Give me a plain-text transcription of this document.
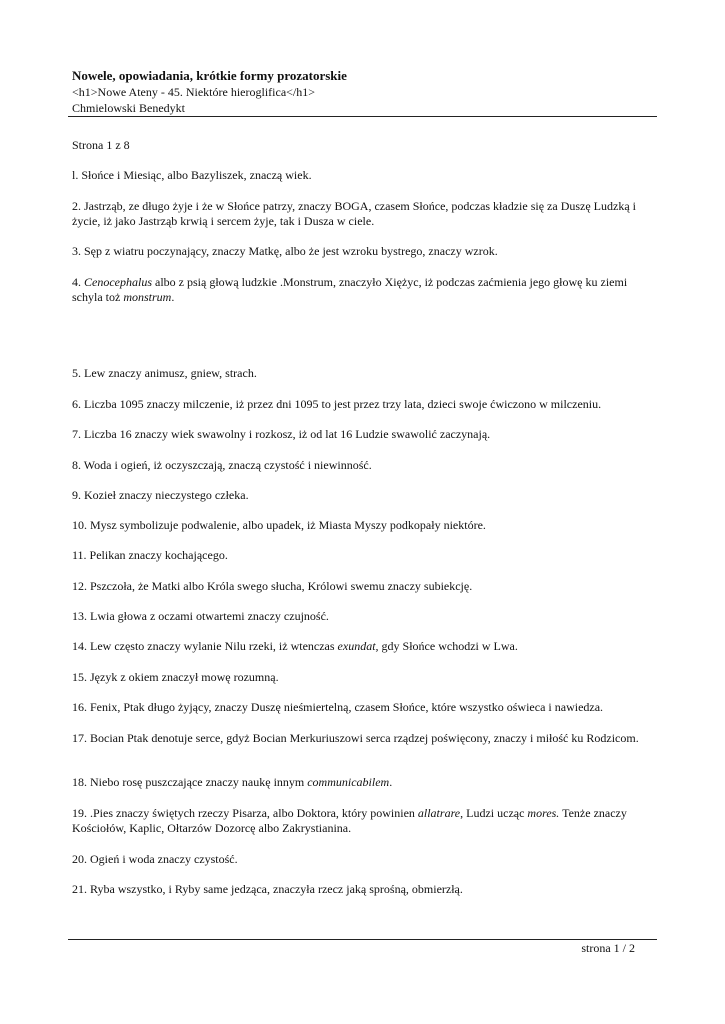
Nowele, opowiadania, krótkie formy prozatorskie
<h1>Nowe Ateny - 45. Niektóre hieroglifica</h1>
Chmielowski Benedykt
Strona 1 z 8

l. Słońce i Miesiąc, albo Bazyliszek, znaczą wiek.

2. Jastrząb, ze długo żyje i że w Słońce patrzy, znaczy BOGA, czasem Słońce, podczas kładzie się za Duszę Ludzką i życie, iż jako Jastrząb krwią i sercem żyje, tak i Dusza w ciele.

3. Sęp z wiatru poczynający, znaczy Matkę, albo że jest wzroku bystrego, znaczy wzrok.

4. Cenocephalus albo z psią głową ludzkie .Monstrum, znaczyło Xiężyc, iż podczas zaćmienia jego głowę ku ziemi schyla toż monstrum.

5. Lew znaczy animusz, gniew, strach.

6. Liczba 1095 znaczy milczenie, iż przez dni 1095 to jest przez trzy lata, dzieci swoje ćwiczono w milczeniu.

7. Liczba 16 znaczy wiek swawolny i rozkosz, iż od lat 16 Ludzie swawolić zaczynają.

8. Woda i ogień, iż oczyszczają, znaczą czystość i niewinność.

9. Kozieł znaczy nieczystego człeka.

10. Mysz symbolizuje podwalenie, albo upadek, iż Miasta Myszy podkopały niektóre.

11. Pelikan znaczy kochającego.

12. Pszczoła, że Matki albo Króla swego słucha, Królowi swemu znaczy subiekcję.

13. Lwia głowa z oczami otwartemi znaczy czujność.

14. Lew często znaczy wylanie Nilu rzeki, iż wtenczas exundat, gdy Słońce wchodzi w Lwa.

15. Język z okiem znaczył mowę rozumną.

16. Fenix, Ptak długo żyjący, znaczy Duszę nieśmiertelną, czasem Słońce, które wszystko oświeca i nawiedza.

17. Bocian Ptak denotuje serce, gdyż Bocian Merkuriuszowi serca rządzej poświęcony, znaczy i miłość ku Rodzicom.

18. Niebo rosę puszczające znaczy naukę innym communicabilem.

19. .Pies znaczy świętych rzeczy Pisarza, albo Doktora, który powinien allatrare, Ludzi ucząc mores. Tenże znaczy Kościołów, Kaplic, Ołtarzów Dozorcę albo Zakrystianina.

20. Ogień i woda znaczy czystość.

21. Ryba wszystko, i Ryby same jedząca, znaczyła rzecz jaką sprośną, obmierzłą.

strona 1 / 2
